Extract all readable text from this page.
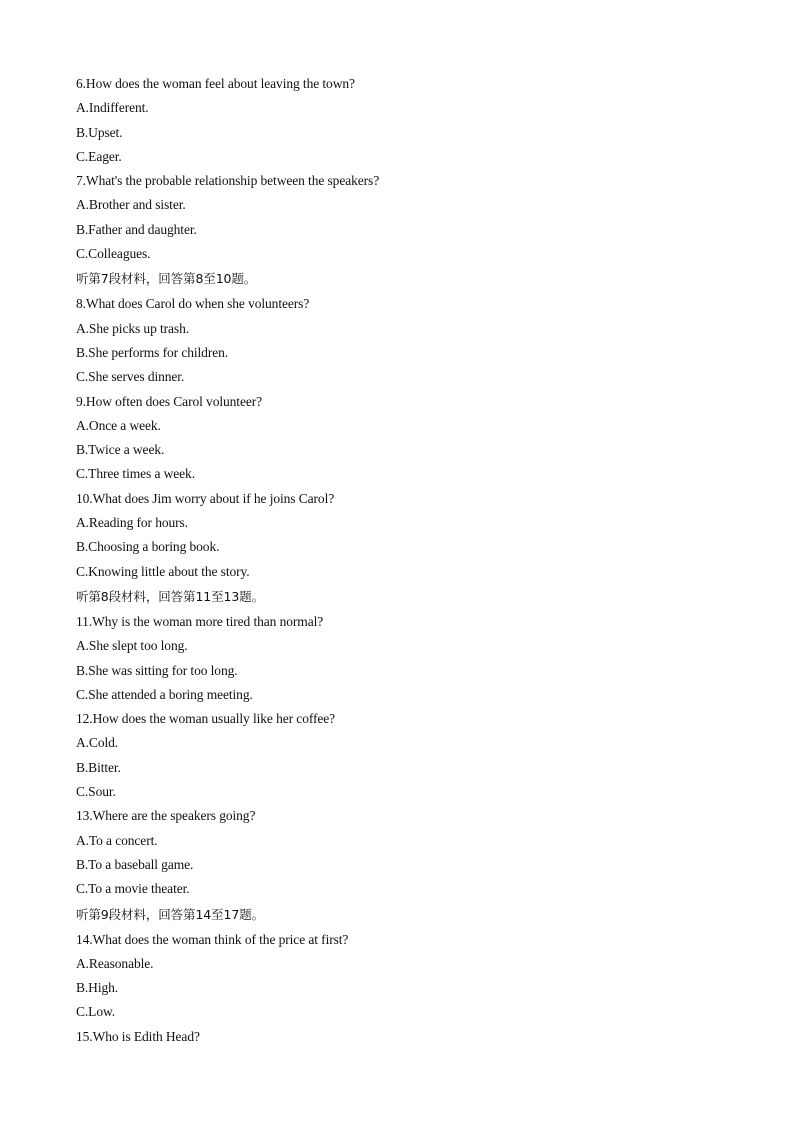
6.How does the woman feel about leaving the town?
A.Indifferent.
B.Upset.
C.Eager.
7.What's the probable relationship between the speakers?
A.Brother and sister.
B.Father and daughter.
C.Colleagues.
听第7段材料，回答第8至10题。
8.What does Carol do when she volunteers?
A.She picks up trash.
B.She performs for children.
C.She serves dinner.
9.How often does Carol volunteer?
A.Once a week.
B.Twice a week.
C.Three times a week.
10.What does Jim worry about if he joins Carol?
A.Reading for hours.
B.Choosing a boring book.
C.Knowing little about the story.
听第8段材料，回答第11至13题。
11.Why is the woman more tired than normal?
A.She slept too long.
B.She was sitting for too long.
C.She attended a boring meeting.
12.How does the woman usually like her coffee?
A.Cold.
B.Bitter.
C.Sour.
13.Where are the speakers going?
A.To a concert.
B.To a baseball game.
C.To a movie theater.
听第9段材料，回答第14至17题。
14.What does the woman think of the price at first?
A.Reasonable.
B.High.
C.Low.
15.Who is Edith Head?
